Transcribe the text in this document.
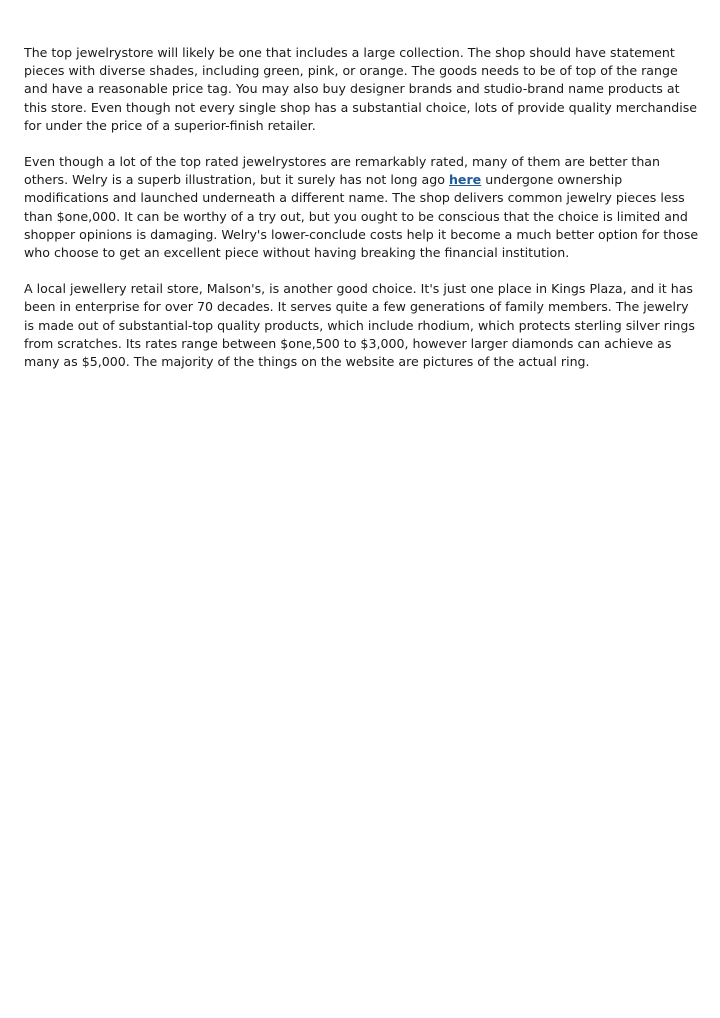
The top jewelrystore will likely be one that includes a large collection. The shop should have statement pieces with diverse shades, including green, pink, or orange. The goods needs to be of top of the range and have a reasonable price tag. You may also buy designer brands and studio-brand name products at this store. Even though not every single shop has a substantial choice, lots of provide quality merchandise for under the price of a superior-finish retailer.

Even though a lot of the top rated jewelrystores are remarkably rated, many of them are better than others. Welry is a superb illustration, but it surely has not long ago here undergone ownership modifications and launched underneath a different name. The shop delivers common jewelry pieces less than $one,000. It can be worthy of a try out, but you ought to be conscious that the choice is limited and shopper opinions is damaging. Welry's lower-conclude costs help it become a much better option for those who choose to get an excellent piece without having breaking the financial institution.

A local jewellery retail store, Malson's, is another good choice. It's just one place in Kings Plaza, and it has been in enterprise for over 70 decades. It serves quite a few generations of family members. The jewelry is made out of substantial-top quality products, which include rhodium, which protects sterling silver rings from scratches. Its rates range between $one,500 to $3,000, however larger diamonds can achieve as many as $5,000. The majority of the things on the website are pictures of the actual ring.
